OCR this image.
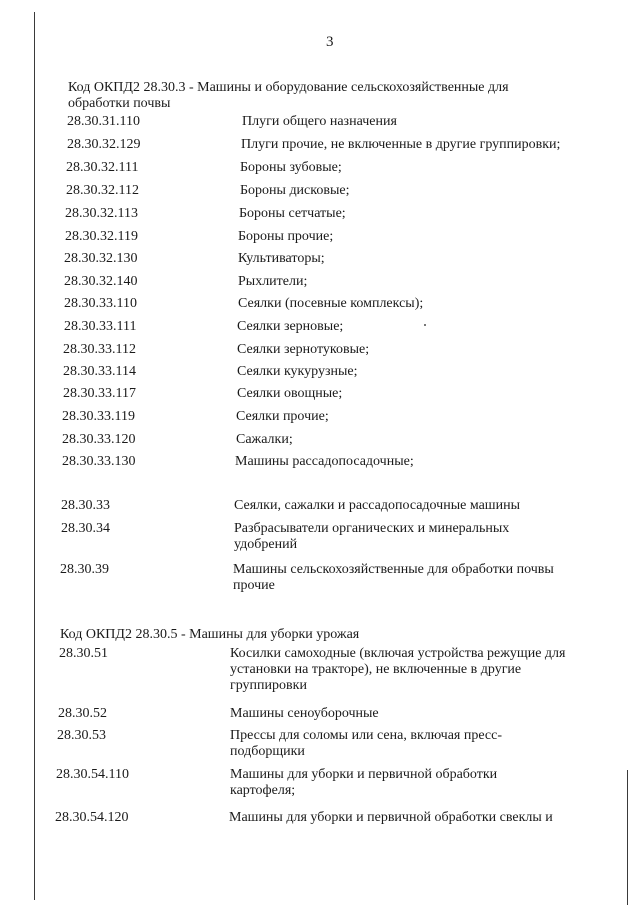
3
Код ОКПД2 28.30.3 - Машины и оборудование сельскохозяйственные для
обработки почвы
28.30.31.110	Плуги общего назначения
28.30.32.129	Плуги прочие, не включенные в другие группировки;
28.30.32.111	Бороны зубовые;
28.30.32.112	Бороны дисковые;
28.30.32.113	Бороны сетчатые;
28.30.32.119	Бороны прочие;
28.30.32.130	Культиваторы;
28.30.32.140	Рыхлители;
28.30.33.110	Сеялки (посевные комплексы);
28.30.33.111	Сеялки зерновые;
28.30.33.112	Сеялки зернотуковые;
28.30.33.114	Сеялки кукурузные;
28.30.33.117	Сеялки овощные;
28.30.33.119	Сеялки прочие;
28.30.33.120	Сажалки;
28.30.33.130	Машины рассадопосадочные;
28.30.33	Сеялки, сажалки и рассадопосадочные машины
28.30.34	Разбрасыватели органических и минеральных удобрений
28.30.39	Машины сельскохозяйственные для обработки почвы прочие
Код ОКПД2 28.30.5 - Машины для уборки урожая
28.30.51	Косилки самоходные (включая устройства режущие для установки на тракторе), не включенные в другие группировки
28.30.52	Машины сеноуборочные
28.30.53	Прессы для соломы или сена, включая пресс-подборщики
28.30.54.110	Машины для уборки и первичной обработки картофеля;
28.30.54.120	Машины для уборки и первичной обработки свеклы и
